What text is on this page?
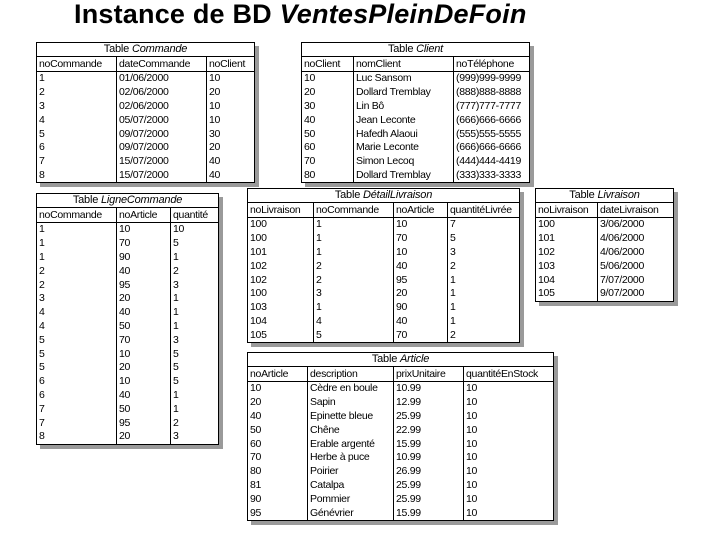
Instance de BD VentesPleinDeFoin
Table Commande
noCommande	dateCommande	noClient
1	01/06/2000	10
2	02/06/2000	20
3	02/06/2000	10
4	05/07/2000	10
5	09/07/2000	30
6	09/07/2000	20
7	15/07/2000	40
8	15/07/2000	40
Table Client
noClient	nomClient	noTéléphone
10	Luc Sansom	(999)999-9999
20	Dollard Tremblay	(888)888-8888
30	Lin Bô	(777)777-7777
40	Jean Leconte	(666)666-6666
50	Hafedh Alaoui	(555)555-5555
60	Marie Leconte	(666)666-6666
70	Simon Lecoq	(444)444-4419
80	Dollard Tremblay	(333)333-3333
Table LigneCommande
noCommande	noArticle	quantité
1	10	10
1	70	5
1	90	1
2	40	2
2	95	3
3	20	1
4	40	1
4	50	1
5	70	3
5	10	5
5	20	5
6	10	5
6	40	1
7	50	1
7	95	2
8	20	3
Table DétailLivraison
noLivraison	noCommande	noArticle	quantitéLivrée
100	1	10	7
100	1	70	5
101	1	10	3
102	2	40	2
102	2	95	1
100	3	20	1
103	1	90	1
104	4	40	1
105	5	70	2
Table Livraison
noLivraison	dateLivraison
100	3/06/2000
101	4/06/2000
102	4/06/2000
103	5/06/2000
104	7/07/2000
105	9/07/2000
Table Article
noArticle	description	prixUnitaire	quantitéEnStock
10	Cèdre en boule	10.99	10
20	Sapin	12.99	10
40	Epinette bleue	25.99	10
50	Chêne	22.99	10
60	Erable argenté	15.99	10
70	Herbe à puce	10.99	10
80	Poirier	26.99	10
81	Catalpa	25.99	10
90	Pommier	25.99	10
95	Génévrier	15.99	10
